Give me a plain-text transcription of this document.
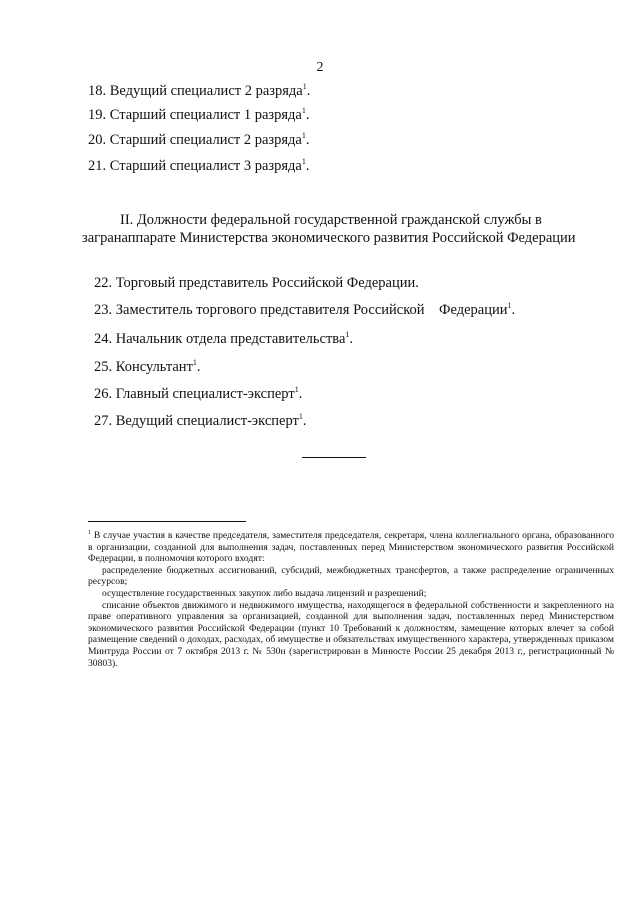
2
18. Ведущий специалист 2 разряда$^1$.
19. Старший специалист 1 разряда$^1$.
20. Старший специалист 2 разряда$^1$.
21. Старший специалист 3 разряда$^1$.
II. Должности федеральной государственной гражданской службы в
загранаппарате Министерства экономического развития Российской Федерации
22. Торговый представитель Российской Федерации.
23. Заместитель торгового представителя Российской    Федерации$^1$.
24. Начальник отдела представительства$^1$.
25. Консультант$^1$.
26. Главный специалист-эксперт$^1$.
27. Ведущий специалист-эксперт$^1$.

$^1$ В случае участия в качестве председателя, заместителя председателя, секретаря, члена коллегиального органа, образованного в организации, созданной для выполнения задач, поставленных перед Министерством экономического развития Российской Федерации, в полномочия которого входят:

распределение бюджетных ассигнований, субсидий, межбюджетных трансфертов, а также распределение ограниченных ресурсов;

осуществление государственных закупок либо выдача лицензий и разрешений;

списание объектов движимого и недвижимого имущества, находящегося в федеральной собственности и закрепленного на праве оперативного управления за организацией, созданной для выполнения задач, поставленных перед Министерством экономического развития Российской Федерации (пункт 10 Требований к должностям, замещение которых влечет за собой размещение сведений о доходах, расходах, об имуществе и обязательствах имущественного характера, утвержденных приказом Минтруда России от 7 октября 2013 г. № 530н (зарегистрирован в Минюсте России 25 декабря 2013 г., регистрационный № 30803).
